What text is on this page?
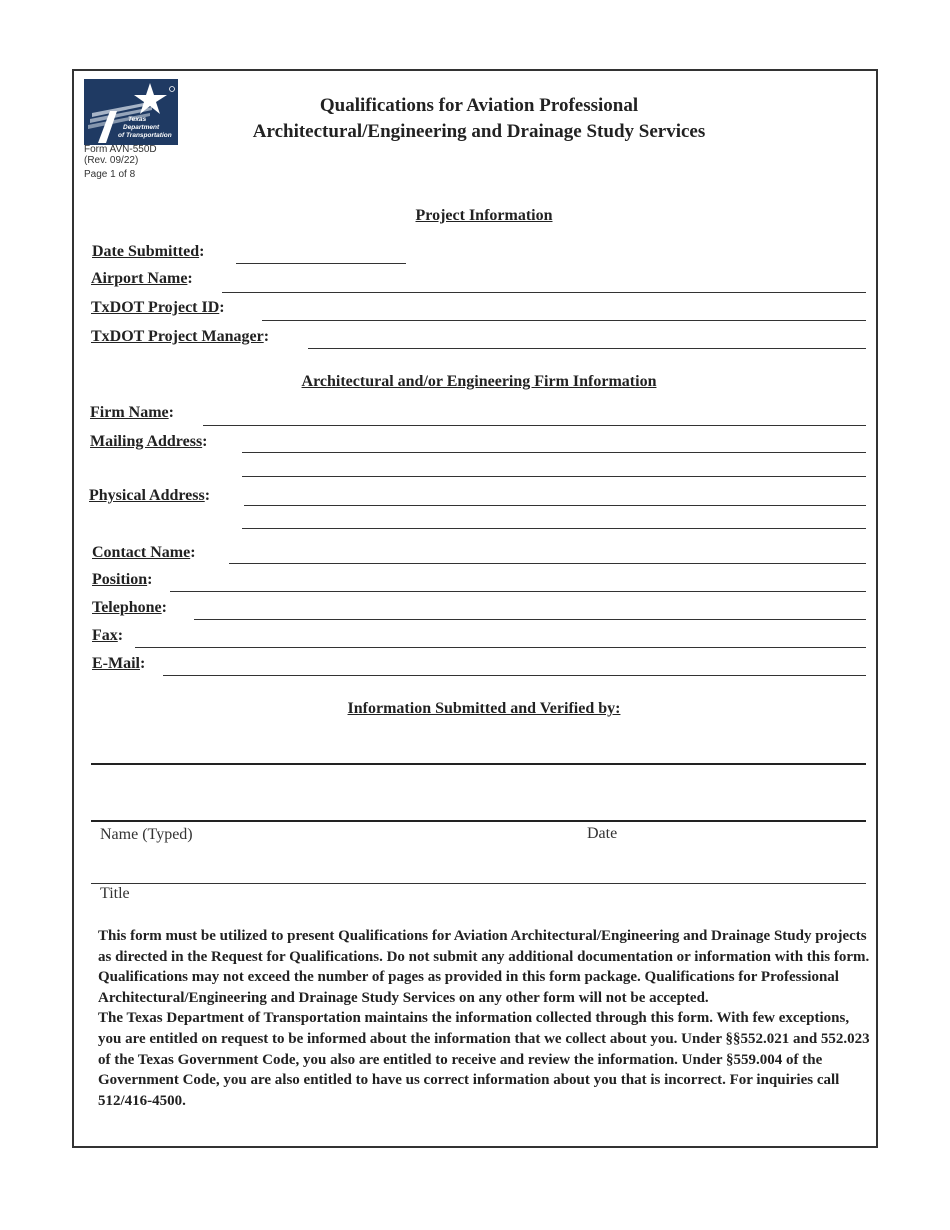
Texas
Department
of Transportation
Form AVN-550D
(Rev. 09/22)
Page 1 of 8
Qualifications for Aviation Professional
Architectural/Engineering and Drainage Study Services
Project Information
Date Submitted:
Airport Name:
TxDOT Project ID:
TxDOT Project Manager:
Architectural and/or Engineering Firm Information
Firm Name:
Mailing Address:
Physical Address:
Contact Name:
Position:
Telephone:
Fax:
E-Mail:
Information Submitted and Verified by:
Name (Typed)	Date
Title

This form must be utilized to present Qualifications for Aviation Architectural/Engineering and Drainage Study projects as directed in the Request for Qualifications. Do not submit any additional documentation or information with this form. Qualifications may not exceed the number of pages as provided in this form package. Qualifications for Professional Architectural/Engineering and Drainage Study Services on any other form will not be accepted.

The Texas Department of Transportation maintains the information collected through this form. With few exceptions, you are entitled on request to be informed about the information that we collect about you. Under §§552.021 and 552.023 of the Texas Government Code, you also are entitled to receive and review the information. Under §559.004 of the Government Code, you are also entitled to have us correct information about you that is incorrect. For inquiries call 512/416-4500.
